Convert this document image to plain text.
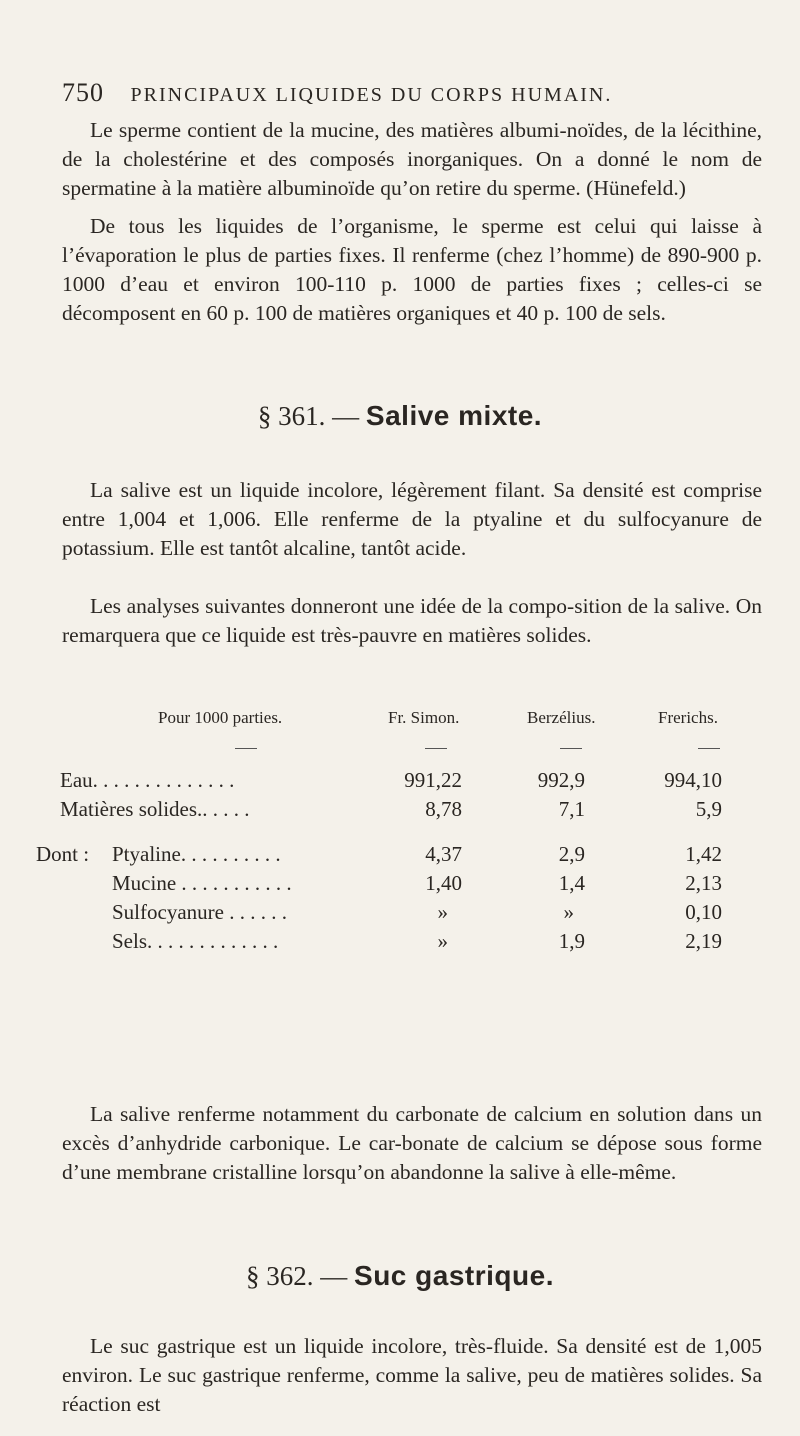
750 PRINCIPAUX LIQUIDES DU CORPS HUMAIN.

Le sperme contient de la mucine, des matières albumi-noïdes, de la lécithine, de la cholestérine et des composés inorganiques. On a donné le nom de spermatine à la matière albuminoïde qu’on retire du sperme. (Hünefeld.)

De tous les liquides de l’organisme, le sperme est celui qui laisse à l’évaporation le plus de parties fixes. Il renferme (chez l’homme) de 890-900 p. 1000 d’eau et environ 100-110 p. 1000 de parties fixes ; celles-ci se décomposent en 60 p. 100 de matières organiques et 40 p. 100 de sels.

§ 361. — Salive mixte.

La salive est un liquide incolore, légèrement filant. Sa densité est comprise entre 1,004 et 1,006. Elle renferme de la ptyaline et du sulfocyanure de potassium. Elle est tantôt alcaline, tantôt acide.

Les analyses suivantes donneront une idée de la compo-sition de la salive. On remarquera que ce liquide est très-pauvre en matières solides.

Pour 1000 parties.	Fr. Simon.	Berzélius.	Frerichs.
Eau. . . . . . . . . . . . . .	991,22	992,9	994,10
Matières solides.. . . . .	8,78	7,1	5,9
Dont : Ptyaline. . . . . . . . . .	4,37	2,9	1,42
Mucine . . . . . . . . . . .	1,40	1,4	2,13
Sulfocyanure . . . . . .	»	»	0,10
Sels. . . . . . . . . . . . .	»	1,9	2,19

La salive renferme notamment du carbonate de calcium en solution dans un excès d’anhydride carbonique. Le car-bonate de calcium se dépose sous forme d’une membrane cristalline lorsqu’on abandonne la salive à elle-même.

§ 362. — Suc gastrique.

Le suc gastrique est un liquide incolore, très-fluide. Sa densité est de 1,005 environ. Le suc gastrique renferme, comme la salive, peu de matières solides. Sa réaction est
